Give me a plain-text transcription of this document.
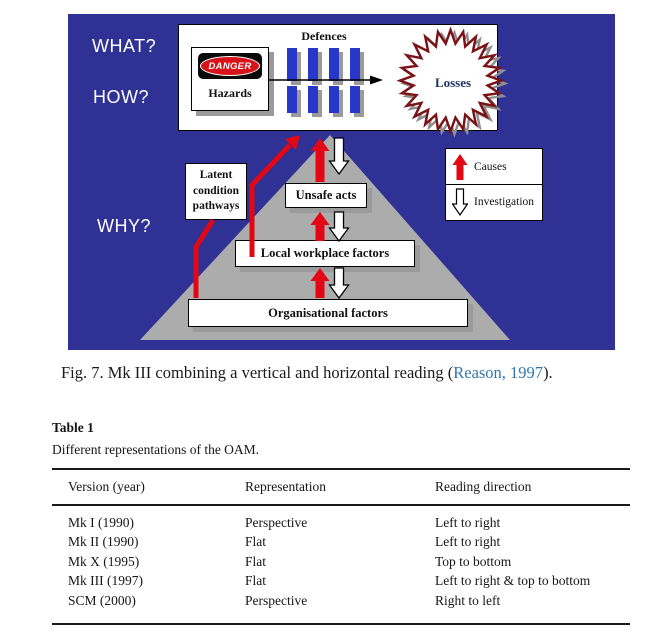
WHAT?
HOW?
WHY?
Defences
DANGER
Hazards
Losses
Latent
condition
pathways
Causes
Investigation
Unsafe acts
Local workplace factors
Organisational factors
Fig. 7. Mk III combining a vertical and horizontal reading (Reason, 1997).
Table 1
Different representations of the OAM.
Version (year)	Representation	Reading direction
Mk I (1990)	Perspective	Left to right
Mk II (1990)	Flat	Left to right
Mk X (1995)	Flat	Top to bottom
Mk III (1997)	Flat	Left to right & top to bottom
SCM (2000)	Perspective	Right to left
